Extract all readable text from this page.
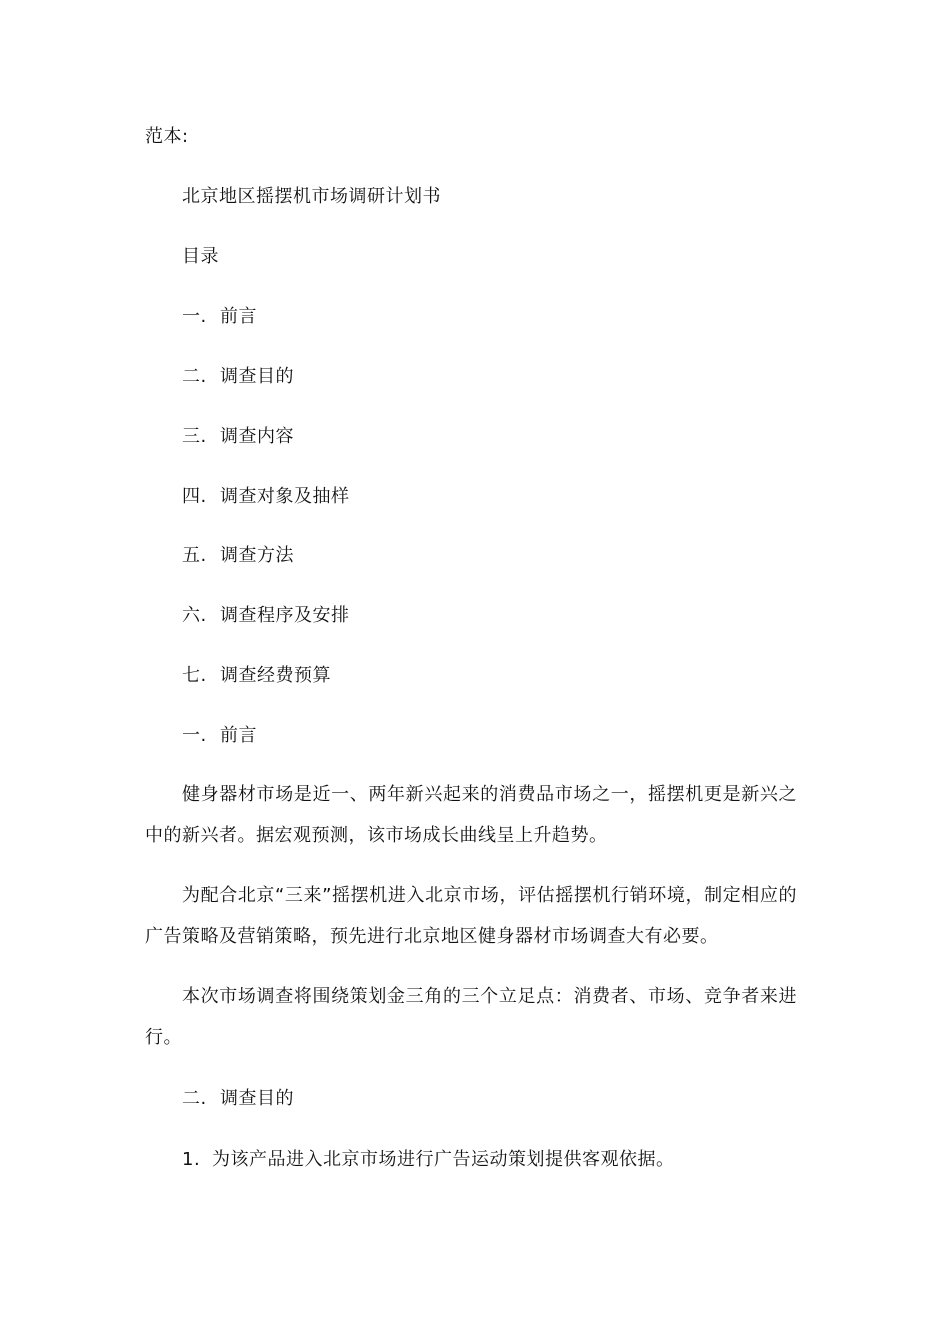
范本:
北京地区摇摆机市场调研计划书
目录
一. 前言
二. 调查目的
三. 调查内容
四. 调查对象及抽样
五. 调查方法
六. 调查程序及安排
七. 调查经费预算
一. 前言

健身器材市场是近一、两年新兴起来的消费品市场之一，摇摆机更是新兴之中的新兴者。据宏观预测，该市场成长曲线呈上升趋势。

为配合北京“三来”摇摆机进入北京市场，评估摇摆机行销环境，制定相应的广告策略及营销策略，预先进行北京地区健身器材市场调查大有必要。

本次市场调查将围绕策划金三角的三个立足点：消费者、市场、竞争者来进行。

二. 调查目的
1. 为该产品进入北京市场进行广告运动策划提供客观依据。
